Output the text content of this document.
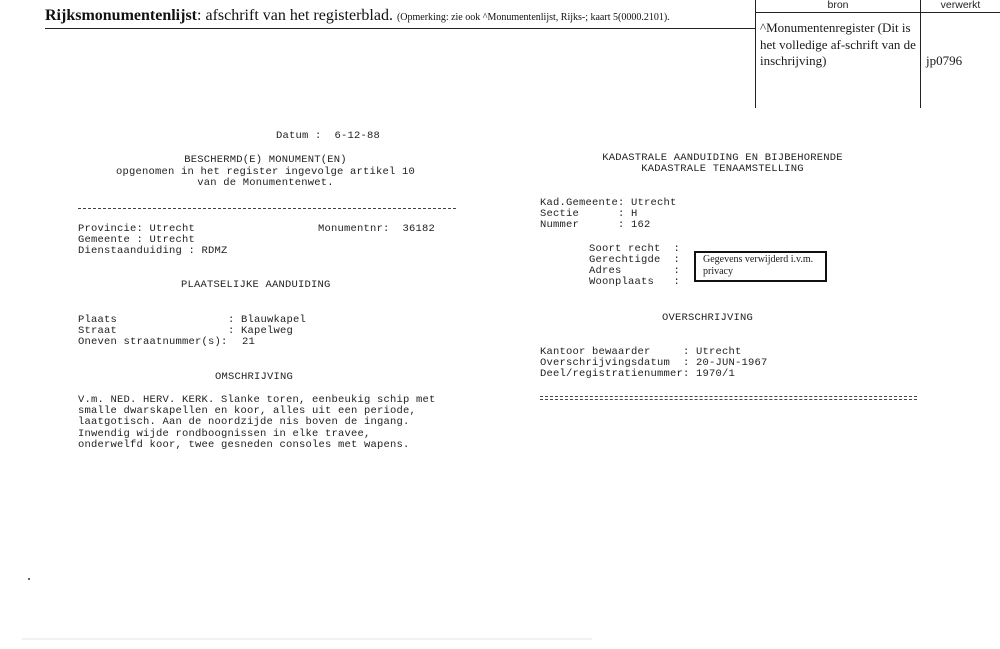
Rijksmonumentenlijst: afschrift van het registerblad. (Opmerking: zie ook ^Monumentenlijst, Rijks-; kaart 5(0000.2101).
bron	verwerkt
^Monumentenregister (Dit is het volledige af-schrift van de inschrijving)	jp0796
Datum : 6-12-88
BESCHERMD(E) MONUMENT(EN)
opgenomen in het register ingevolge artikel 10
van de Monumentenwet.
Provincie: Utrecht	Monumentnr: 36182
Gemeente : Utrecht
Dienstaanduiding : RDMZ
PLAATSELIJKE AANDUIDING
Plaats	: Blauwkapel
Straat	: Kapelweg
Oneven straatnummer(s): 21
OMSCHRIJVING
V.m. NED. HERV. KERK. Slanke toren, eenbeukig schip met
smalle dwarskapellen en koor, alles uit een periode,
laatgotisch. Aan de noordzijde nis boven de ingang.
Inwendig wijde rondboognissen in elke travee,
onderwelfd koor, twee gesneden consoles met wapens.
KADASTRALE AANDUIDING EN BIJBEHORENDE
KADASTRALE TENAAMSTELLING
Kad.Gemeente: Utrecht
Sectie      : H
Nummer      : 162
Soort recht  :
Gerechtigde  :
Adres        :
Woonplaats   :
Gegevens verwijderd i.v.m. privacy
OVERSCHRIJVING
Kantoor bewaarder     : Utrecht
Overschrijvingsdatum  : 20-JUN-1967
Deel/registratienummer: 1970/1
